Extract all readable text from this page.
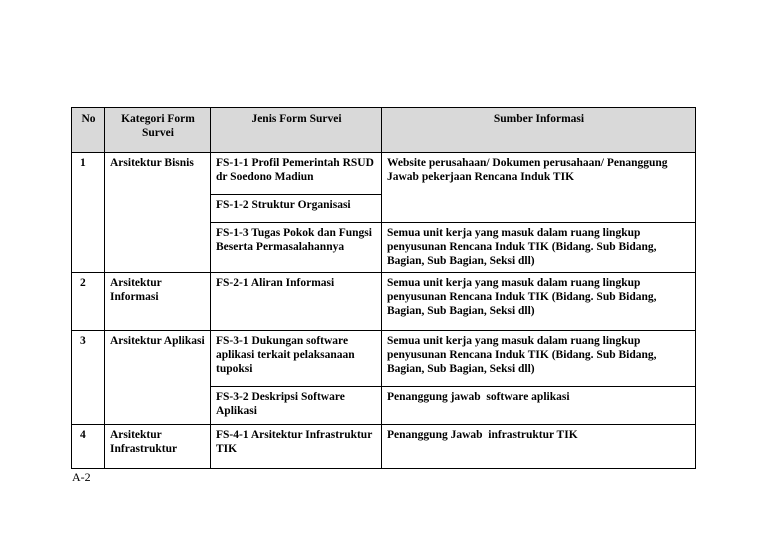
No	Kategori Form Survei	Jenis Form Survei	Sumber Informasi
1	Arsitektur Bisnis	FS-1-1 Profil Pemerintah RSUD dr Soedono Madiun	Website perusahaan/ Dokumen perusahaan/ Penanggung Jawab pekerjaan Rencana Induk TIK
		FS-1-2 Struktur Organisasi	
		FS-1-3 Tugas Pokok dan Fungsi Beserta Permasalahannya	Semua unit kerja yang masuk dalam ruang lingkup penyusunan Rencana Induk TIK (Bidang. Sub Bidang, Bagian, Sub Bagian, Seksi dll)
2	Arsitektur Informasi	FS-2-1 Aliran Informasi	Semua unit kerja yang masuk dalam ruang lingkup penyusunan Rencana Induk TIK (Bidang. Sub Bidang, Bagian, Sub Bagian, Seksi dll)
3	Arsitektur Aplikasi	FS-3-1 Dukungan software aplikasi terkait pelaksanaan tupoksi	Semua unit kerja yang masuk dalam ruang lingkup penyusunan Rencana Induk TIK (Bidang. Sub Bidang, Bagian, Sub Bagian, Seksi dll)
		FS-3-2 Deskripsi Software Aplikasi	Penanggung jawab  software aplikasi
4	Arsitektur Infrastruktur	FS-4-1 Arsitektur Infrastruktur TIK	Penanggung Jawab  infrastruktur TIK
A-2
